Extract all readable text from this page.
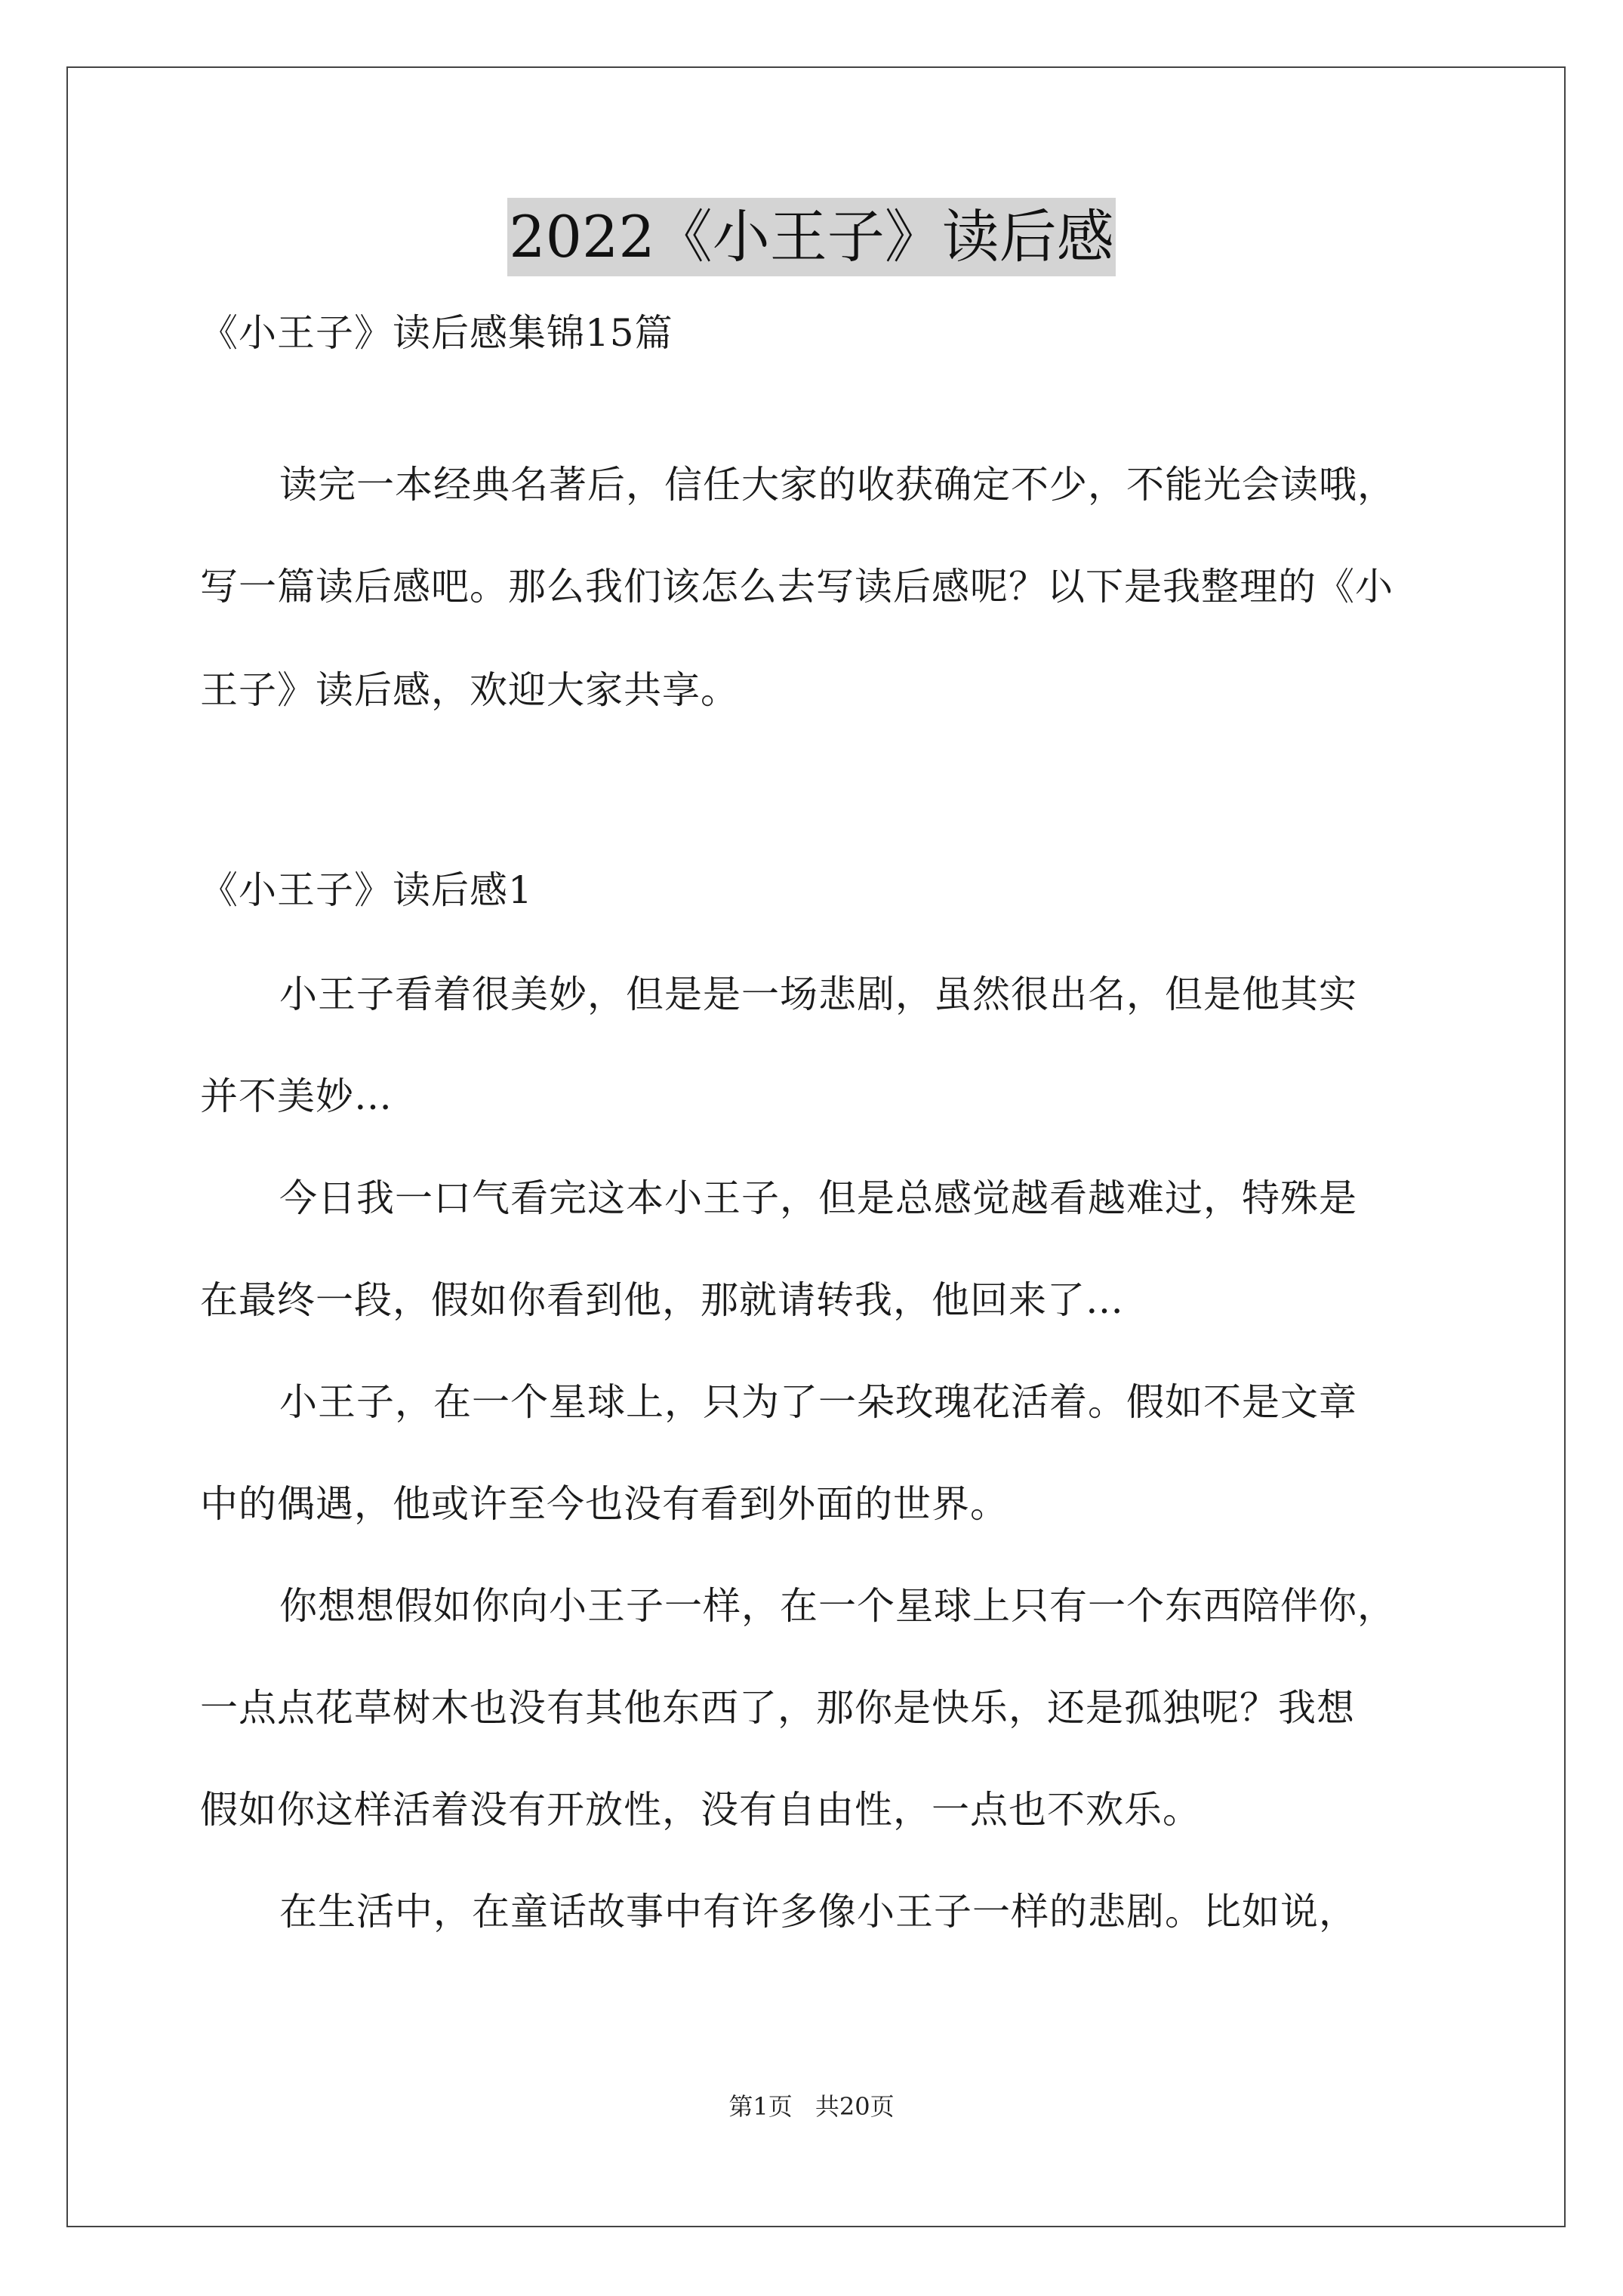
2022《小王子》读后感
《小王子》读后感集锦15篇
读完一本经典名著后，信任大家的收获确定不少，不能光会读哦，
写一篇读后感吧。那么我们该怎么去写读后感呢？以下是我整理的《小
王子》读后感，欢迎大家共享。
《小王子》读后感1
小王子看着很美妙，但是是一场悲剧，虽然很出名，但是他其实
并不美妙…
今日我一口气看完这本小王子，但是总感觉越看越难过，特殊是
在最终一段，假如你看到他，那就请转我，他回来了…
小王子，在一个星球上，只为了一朵玫瑰花活着。假如不是文章
中的偶遇，他或许至今也没有看到外面的世界。
你想想假如你向小王子一样，在一个星球上只有一个东西陪伴你，
一点点花草树木也没有其他东西了，那你是快乐，还是孤独呢？我想
假如你这样活着没有开放性，没有自由性，一点也不欢乐。
在生活中，在童话故事中有许多像小王子一样的悲剧。比如说，
第1页 共20页
